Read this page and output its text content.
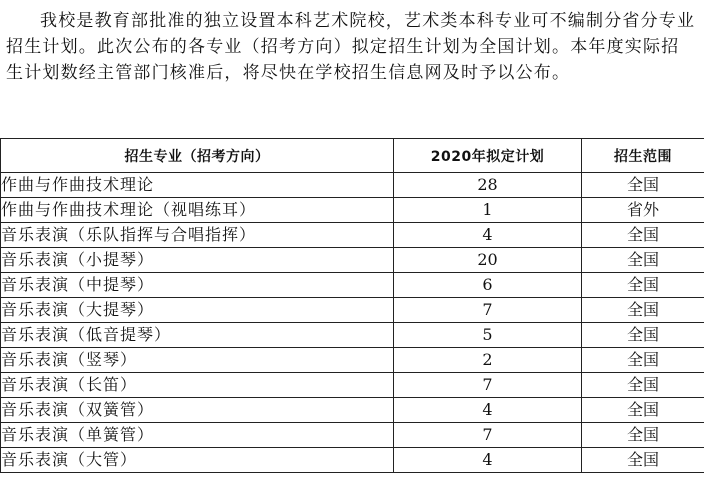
我校是教育部批准的独立设置本科艺术院校，艺术类本科专业可不编制分省分专业招生计划。此次公布的各专业（招考方向）拟定招生计划为全国计划。本年度实际招生计划数经主管部门核准后，将尽快在学校招生信息网及时予以公布。

招生专业（招考方向）	2020年拟定计划	招生范围
作曲与作曲技术理论	28	全国
作曲与作曲技术理论（视唱练耳）	1	省外
音乐表演（乐队指挥与合唱指挥）	4	全国
音乐表演（小提琴）	20	全国
音乐表演（中提琴）	6	全国
音乐表演（大提琴）	7	全国
音乐表演（低音提琴）	5	全国
音乐表演（竖琴）	2	全国
音乐表演（长笛）	7	全国
音乐表演（双簧管）	4	全国
音乐表演（单簧管）	7	全国
音乐表演（大管）	4	全国
